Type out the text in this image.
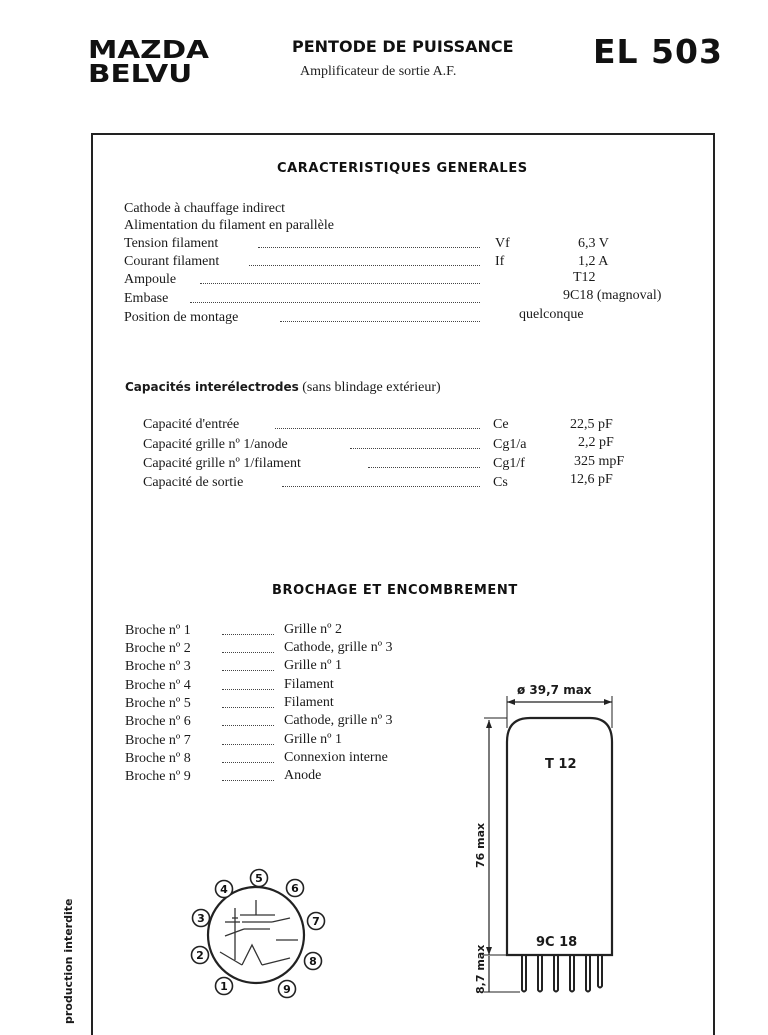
MAZDA
BELVU
PENTODE DE PUISSANCE
Amplificateur de sortie A.F.
EL 503
CARACTERISTIQUES GENERALES
Cathode à chauffage indirect
Alimentation du filament en parallèle
Tension filament	Vf	6,3 V
Courant filament	If	1,2 A
Ampoule	T12
Embase	9C18 (magnoval)
Position de montage	quelconque
Capacités interélectrodes (sans blindage extérieur)
Capacité d'entrée	Ce	22,5 pF
Capacité grille nº 1/anode	Cg1/a	2,2 pF
Capacité grille nº 1/filament	Cg1/f	325 mpF
Capacité de sortie	Cs	12,6 pF
BROCHAGE ET ENCOMBREMENT
Broche nº 1	Grille nº 2
Broche nº 2	Cathode, grille nº 3
Broche nº 3	Grille nº 1
Broche nº 4	Filament
Broche nº 5	Filament
Broche nº 6	Cathode, grille nº 3
Broche nº 7	Grille nº 1
Broche nº 8	Connexion interne
Broche nº 9	Anode
1
2
3
4
5
6
7
8
9
ø 39,7 max
T 12
9C 18
76 max
8,7 max
production interdite
